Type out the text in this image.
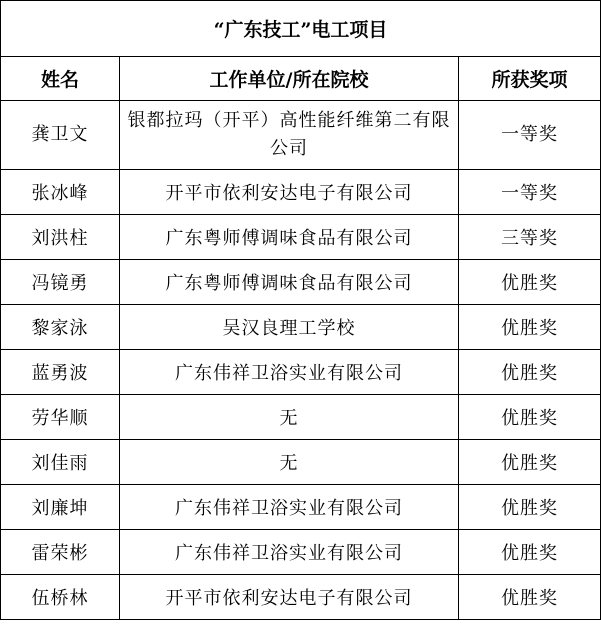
“广东技工”电工项目		
姓名	工作单位/所在院校	所获奖项
龚卫文	银都拉玛（开平）高性能纤维第二有限公司	一等奖
张冰峰	开平市依利安达电子有限公司	一等奖
刘洪柱	广东粤师傅调味食品有限公司	三等奖
冯镜勇	广东粤师傅调味食品有限公司	优胜奖
黎家泳	吴汉良理工学校	优胜奖
蓝勇波	广东伟祥卫浴实业有限公司	优胜奖
劳华顺	无	优胜奖
刘佳雨	无	优胜奖
刘廉坤	广东伟祥卫浴实业有限公司	优胜奖
雷荣彬	广东伟祥卫浴实业有限公司	优胜奖
伍桥林	开平市依利安达电子有限公司	优胜奖
